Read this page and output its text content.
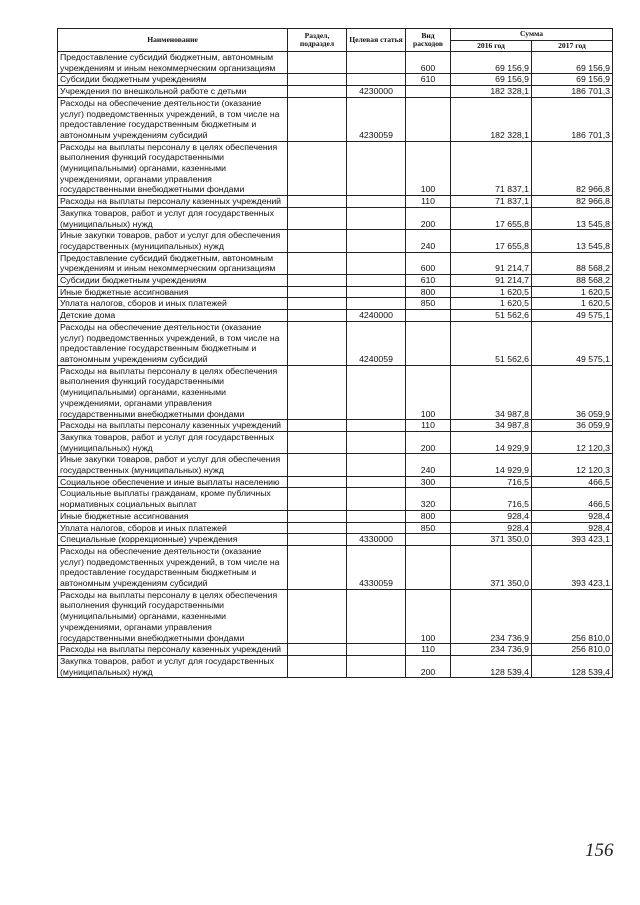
Наименование	Раздел, подраздел	Целевая статья	Вид расходов	Сумма	
				2016 год	2017 год
Предоставление субсидий бюджетным, автономным учреждениям и иным некоммерческим организациям			600	69 156,9	69 156,9
Субсидии бюджетным учреждениям			610	69 156,9	69 156,9
Учреждения по внешкольной работе с детьми		4230000		182 328,1	186 701,3
Расходы на обеспечение деятельности (оказание услуг) подведомственных учреждений, в том числе на предоставление государственным бюджетным и автономным учреждениям субсидий		4230059		182 328,1	186 701,3
Расходы на выплаты персоналу в целях обеспечения выполнения функций государственными (муниципальными) органами, казенными учреждениями, органами управления государственными внебюджетными фондами			100	71 837,1	82 966,8
Расходы на выплаты персоналу казенных учреждений			110	71 837,1	82 966,8
Закупка товаров, работ и услуг для государственных (муниципальных) нужд			200	17 655,8	13 545,8
Иные закупки товаров, работ и услуг для обеспечения государственных (муниципальных) нужд			240	17 655,8	13 545,8
Предоставление субсидий бюджетным, автономным учреждениям и иным некоммерческим организациям			600	91 214,7	88 568,2
Субсидии бюджетным учреждениям			610	91 214,7	88 568,2
Иные бюджетные ассигнования			800	1 620,5	1 620,5
Уплата налогов, сборов и иных платежей			850	1 620,5	1 620,5
Детские дома		4240000		51 562,6	49 575,1
Расходы на обеспечение деятельности (оказание услуг) подведомственных учреждений, в том числе на предоставление государственным бюджетным и автономным учреждениям субсидий		4240059		51 562,6	49 575,1
Расходы на выплаты персоналу в целях обеспечения выполнения функций государственными (муниципальными) органами, казенными учреждениями, органами управления государственными внебюджетными фондами			100	34 987,8	36 059,9
Расходы на выплаты персоналу казенных учреждений			110	34 987,8	36 059,9
Закупка товаров, работ и услуг для государственных (муниципальных) нужд			200	14 929,9	12 120,3
Иные закупки товаров, работ и услуг для обеспечения государственных (муниципальных) нужд			240	14 929,9	12 120,3
Социальное обеспечение и иные выплаты населению			300	716,5	466,5
Социальные выплаты гражданам, кроме публичных нормативных социальных выплат			320	716,5	466,5
Иные бюджетные ассигнования			800	928,4	928,4
Уплата налогов, сборов и иных платежей			850	928,4	928,4
Специальные (коррекционные) учреждения		4330000		371 350,0	393 423,1
Расходы на обеспечение деятельности (оказание услуг) подведомственных учреждений, в том числе на предоставление государственным бюджетным и автономным учреждениям субсидий		4330059		371 350,0	393 423,1
Расходы на выплаты персоналу в целях обеспечения выполнения функций государственными (муниципальными) органами, казенными учреждениями, органами управления государственными внебюджетными фондами			100	234 736,9	256 810,0
Расходы на выплаты персоналу казенных учреждений			110	234 736,9	256 810,0
Закупка товаров, работ и услуг для государственных (муниципальных) нужд			200	128 539,4	128 539,4
156
